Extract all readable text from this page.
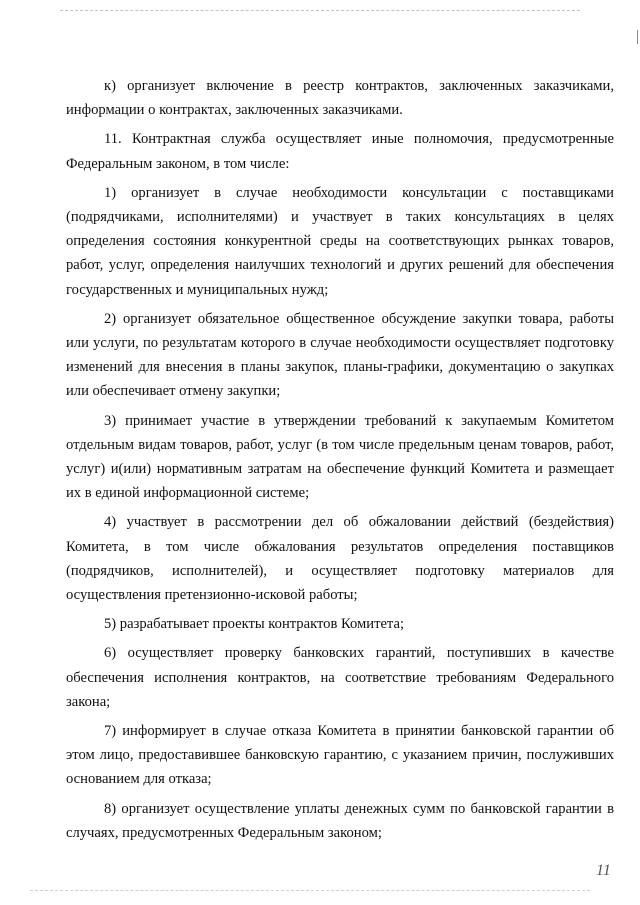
к) организует включение в реестр контрактов, заключенных заказчиками, информации о контрактах, заключенных заказчиками.

11. Контрактная служба осуществляет иные полномочия, предусмотренные Федеральным законом, в том числе:

1) организует в случае необходимости консультации с поставщиками (подрядчиками, исполнителями) и участвует в таких консультациях в целях определения состояния конкурентной среды на соответствующих рынках товаров, работ, услуг, определения наилучших технологий и других решений для обеспечения государственных и муниципальных нужд;

2) организует обязательное общественное обсуждение закупки товара, работы или услуги, по результатам которого в случае необходимости осуществляет подготовку изменений для внесения в планы закупок, планы-графики, документацию о закупках или обеспечивает отмену закупки;

3) принимает участие в утверждении требований к закупаемым Комитетом отдельным видам товаров, работ, услуг (в том числе предельным ценам товаров, работ, услуг) и(или) нормативным затратам на обеспечение функций Комитета и размещает их в единой информационной системе;

4) участвует в рассмотрении дел об обжаловании действий (бездействия) Комитета, в том числе обжалования результатов определения поставщиков (подрядчиков, исполнителей), и осуществляет подготовку материалов для осуществления претензионно-исковой работы;

5) разрабатывает проекты контрактов Комитета;

6) осуществляет проверку банковских гарантий, поступивших в качестве обеспечения исполнения контрактов, на соответствие требованиям Федерального закона;

7) информирует в случае отказа Комитета в принятии банковской гарантии об этом лицо, предоставившее банковскую гарантию, с указанием причин, послуживших основанием для отказа;

8) организует осуществление уплаты денежных сумм по банковской гарантии в случаях, предусмотренных Федеральным законом;

11
